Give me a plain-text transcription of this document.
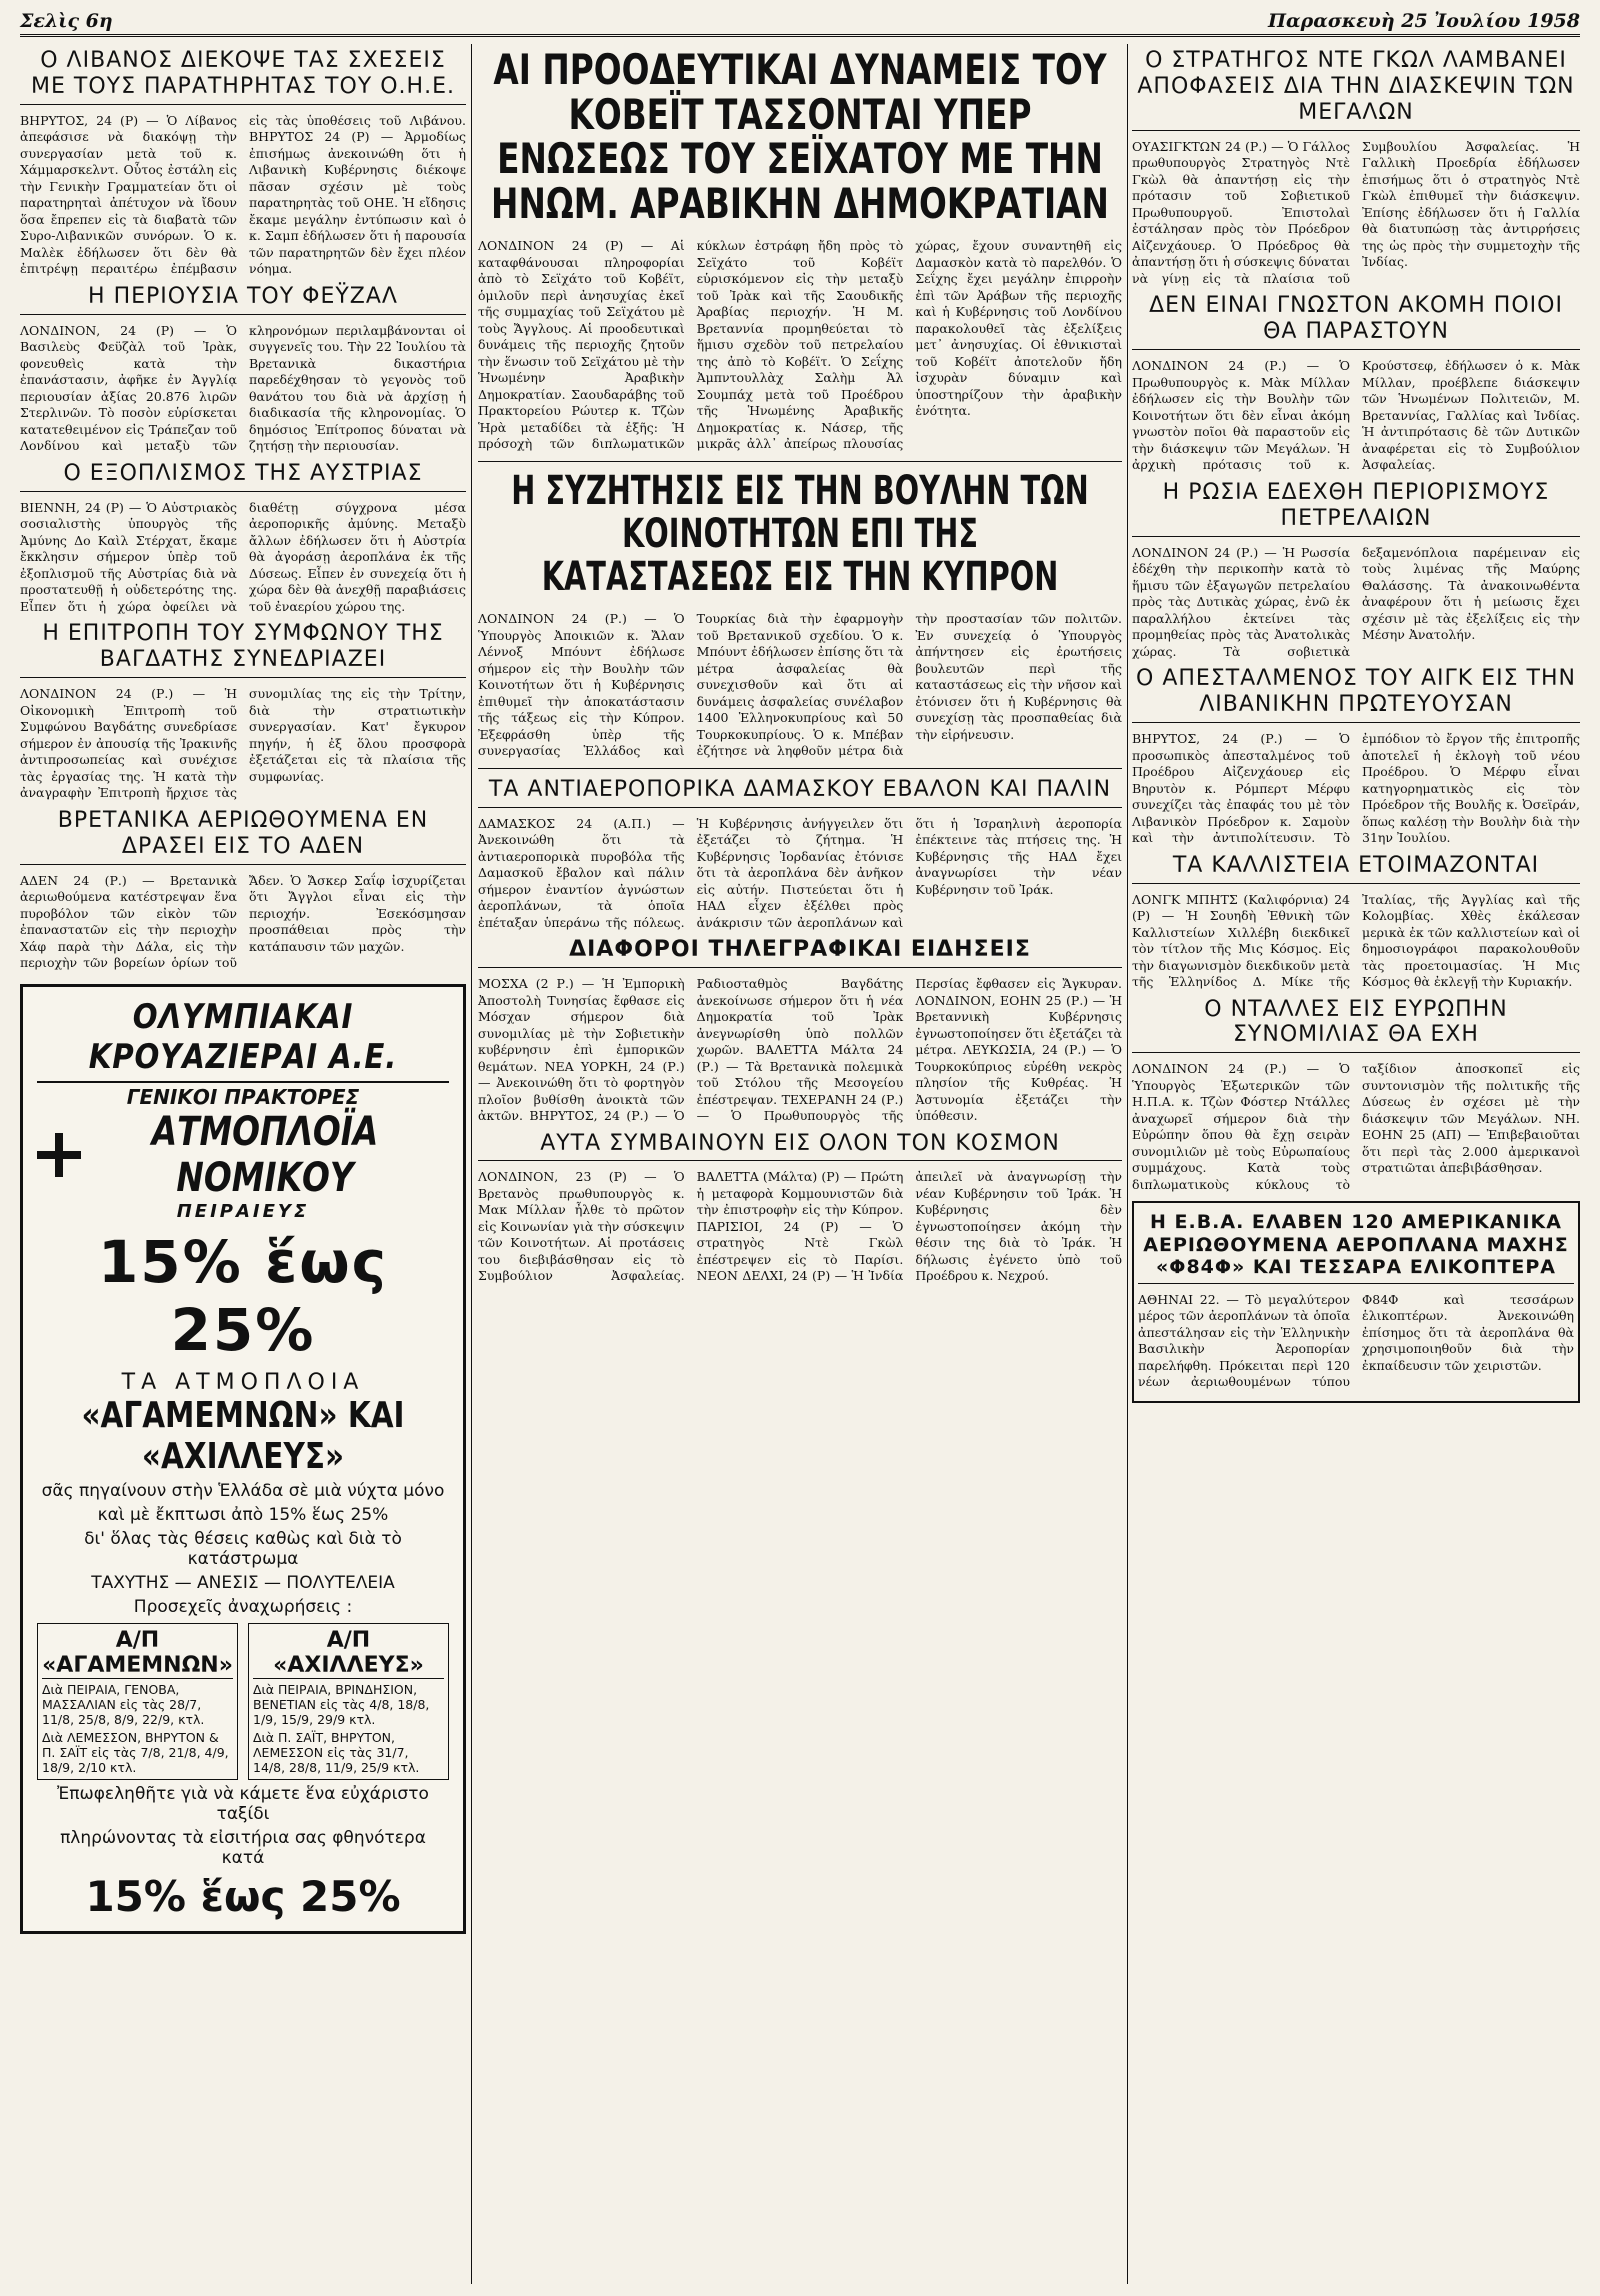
Σελὶς 6η	Παρασκευὴ 25 Ἰουλίου 1958
Ο ΛΙΒΑΝΟΣ ΔΙΕΚΟΨΕ ΤΑΣ ΣΧΕΣΕΙΣ ΜΕ ΤΟΥΣ ΠΑΡΑΤΗΡΗΤΑΣ ΤΟΥ Ο.Η.Ε.
ΒΗΡΥΤΟΣ, 24 (Ρ) — Ὁ Λίβανος ἀπεφάσισε νὰ διακόψῃ τὴν συνεργασίαν μετὰ τοῦ κ. Χάμμαρσκελντ. Οὗτος ἐστάλη εἰς τὴν Γενικὴν Γραμματείαν ὅτι οἱ παρατηρηταὶ ἀπέτυχον νὰ ἴδουν ὅσα ἔπρεπεν εἰς τὰ διαβατὰ τῶν Συρο-Λιβανικῶν συνόρων. Ὁ κ. Μαλὲκ ἐδήλωσεν ὅτι δὲν θὰ ἐπιτρέψῃ περαιτέρω ἐπέμβασιν εἰς τὰς ὑποθέσεις τοῦ Λιβάνου. ΒΗΡΥΤΟΣ 24 (Ρ) — Ἀρμοδίως ἐπισήμως ἀνεκοινώθη ὅτι ἡ Λιβανικὴ Κυβέρνησις διέκοψε πᾶσαν σχέσιν μὲ τοὺς παρατηρητὰς τοῦ ΟΗΕ. Ἡ εἴδησις ἔκαμε μεγάλην ἐντύπωσιν καὶ ὁ κ. Σαμπ ἐδήλωσεν ὅτι ἡ παρουσία τῶν παρατηρητῶν δὲν ἔχει πλέον νόημα.
Η ΠΕΡΙΟΥΣΙΑ ΤΟΥ ΦΕΫΖΑΛ
ΛΟΝΔΙΝΟΝ, 24 (Ρ) — Ὁ Βασιλεὺς Φεϋζὰλ τοῦ Ἰρὰκ, φονευθεὶς κατὰ τὴν ἐπανάστασιν, ἀφῆκε ἐν Ἀγγλίᾳ περιουσίαν ἀξίας 20.876 λιρῶν Στερλινῶν. Τὸ ποσὸν εὑρίσκεται κατατεθειμένον εἰς Τράπεζαν τοῦ Λονδίνου καὶ μεταξὺ τῶν κληρονόμων περιλαμβάνονται οἱ συγγενεῖς του. Τὴν 22 Ἰουλίου τὰ Βρετανικὰ δικαστήρια παρεδέχθησαν τὸ γεγονὸς τοῦ θανάτου του διὰ νὰ ἀρχίσῃ ἡ διαδικασία τῆς κληρονομίας. Ὁ δημόσιος Ἐπίτροπος δύναται νὰ ζητήσῃ τὴν περιουσίαν.
Ο ΕΞΟΠΛΙΣΜΟΣ ΤΗΣ ΑΥΣΤΡΙΑΣ
ΒΙΕΝΝΗ, 24 (Ρ) — Ὁ Αὐστριακὸς σοσιαλιστὴς ὑπουργὸς τῆς Ἀμύνης Δο Καὶλ Στέρχατ, ἔκαμε ἔκκλησιν σήμερον ὑπὲρ τοῦ ἐξοπλισμοῦ τῆς Αὐστρίας διὰ νὰ προστατευθῇ ἡ οὐδετερότης της. Εἶπεν ὅτι ἡ χώρα ὀφείλει νὰ διαθέτῃ σύγχρονα μέσα ἀεροπορικῆς ἀμύνης. Μεταξὺ ἄλλων ἐδήλωσεν ὅτι ἡ Αὐστρία θὰ ἀγοράσῃ ἀεροπλάνα ἐκ τῆς Δύσεως. Εἶπεν ἐν συνεχείᾳ ὅτι ἡ χώρα δὲν θὰ ἀνεχθῇ παραβιάσεις τοῦ ἐναερίου χώρου της.
Η ΕΠΙΤΡΟΠΗ ΤΟΥ ΣΥΜΦΩΝΟΥ ΤΗΣ ΒΑΓΔΑΤΗΣ ΣΥΝΕΔΡΙΑΖΕΙ
ΛΟΝΔΙΝΟΝ 24 (Ρ.) — Ἡ Οἰκονομικὴ Ἐπιτροπὴ τοῦ Συμφώνου Βαγδάτης συνεδρίασε σήμερον ἐν ἀπουσίᾳ τῆς Ἰρακινῆς ἀντιπροσωπείας καὶ συνέχισε τὰς ἐργασίας της. Ἡ κατὰ τὴν ἀναγραφὴν Ἐπιτροπὴ ἤρχισε τὰς συνομιλίας της εἰς τὴν Τρίτην, διὰ τὴν στρατιωτικὴν συνεργασίαν. Κατ' ἔγκυρον πηγήν, ἡ ἐξ ὅλου προσφορὰ ἐξετάζεται εἰς τὰ πλαίσια τῆς συμφωνίας.
ΒΡΕΤΑΝΙΚΑ ΑΕΡΙΩΘΟΥΜΕΝΑ ΕΝ ΔΡΑΣΕΙ ΕΙΣ ΤΟ ΑΔΕΝ
ΑΔΕΝ 24 (Ρ.) — Βρετανικὰ ἀεριωθούμενα κατέστρεψαν ἕνα πυροβόλον τῶν εἰκὸν τῶν ἐπαναστατῶν εἰς τὴν περιοχὴν Χάφ παρὰ τὴν Δάλα, εἰς τὴν περιοχὴν τῶν βορείων ὁρίων τοῦ Ἄδεν. Ὁ Ἄσκερ Σαΐφ ἰσχυρίζεται ὅτι Ἄγγλοι εἶναι εἰς τὴν περιοχήν. Ἐσεκόσμησαν προσπάθειαι πρὸς τὴν κατάπαυσιν τῶν μαχῶν.
ΟΛΥΜΠΙΑΚΑΙ ΚΡΟΥΑΖΙΕΡΑΙ Α.Ε.
ΓΕΝΙΚΟΙ ΠΡΑΚΤΟΡΕΣ
ΑΤΜΟΠΛΟΪΑ ΝΟΜΙΚΟΥ
ΠΕΙΡΑΙΕΥΣ
15% ἕως 25%
ΤΑ ΑΤΜΟΠΛΟΙΑ
«ΑΓΑΜΕΜΝΩΝ» ΚΑΙ «ΑΧΙΛΛΕΥΣ»
σᾶς πηγαίνουν στὴν Ἑλλάδα σὲ μιὰ νύχτα μόνο
καὶ μὲ ἔκπτωσι ἀπὸ 15% ἕως 25%
δι' ὅλας τὰς θέσεις καθὼς καὶ διὰ τὸ κατάστρωμα
ΤΑΧΥΤΗΣ — ΑΝΕΣΙΣ — ΠΟΛΥΤΕΛΕΙΑ
Προσεχεῖς ἀναχωρήσεις :
Α/Π «ΑΓΑΜΕΜΝΩΝ»
Διὰ ΠΕΙΡΑΙΑ, ΓΕΝΟΒΑ, ΜΑΣΣΑΛΙΑΝ εἰς τὰς 28/7, 11/8, 25/8, 8/9, 22/9, κτλ.
Διὰ ΛΕΜΕΣΣΟΝ, ΒΗΡΥΤΟΝ & Π. ΣΑΪΤ εἰς τὰς 7/8, 21/8, 4/9, 18/9, 2/10 κτλ.
Α/Π «ΑΧΙΛΛΕΥΣ»
Διὰ ΠΕΙΡΑΙΑ, ΒΡΙΝΔΗΣΙΟΝ, ΒΕΝΕΤΙΑΝ εἰς τὰς 4/8, 18/8, 1/9, 15/9, 29/9 κτλ.
Διὰ Π. ΣΑΪΤ, ΒΗΡΥΤΟΝ, ΛΕΜΕΣΣΟΝ εἰς τὰς 31/7, 14/8, 28/8, 11/9, 25/9 κτλ.
Ἐπωφεληθῆτε γιὰ νὰ κάμετε ἕνα εὐχάριστο ταξίδι
πληρώνοντας τὰ εἰσιτήρια σας φθηνότερα κατά
15% ἕως 25%
ΑΙ ΠΡΟΟΔΕΥΤΙΚΑΙ ΔΥΝΑΜΕΙΣ ΤΟΥ ΚΟΒΕΪΤ ΤΑΣΣΟΝΤΑΙ ΥΠΕΡ ΕΝΩΣΕΩΣ ΤΟΥ ΣΕΪΧΑΤΟΥ ΜΕ ΤΗΝ ΗΝΩΜ. ΑΡΑΒΙΚΗΝ ΔΗΜΟΚΡΑΤΙΑΝ
ΛΟΝΔΙΝΟΝ 24 (Ρ) — Αἱ καταφθάνουσαι πληροφορίαι ἀπὸ τὸ Σεϊχάτο τοῦ Κοβέϊτ, ὁμιλοῦν περὶ ἀνησυχίας ἐκεῖ τῆς συμμαχίας τοῦ Σεϊχάτου μὲ τοὺς Ἄγγλους. Αἱ προοδευτικαὶ δυνάμεις τῆς περιοχῆς ζητοῦν τὴν ἕνωσιν τοῦ Σεϊχάτου μὲ τὴν Ἡνωμένην Ἀραβικὴν Δημοκρατίαν. Σαουδαράβης τοῦ Πρακτορείου Ρώυτερ κ. Τζὼν Ἡρὰ μεταδίδει τὰ ἑξῆς: Ἡ πρόσοχὴ τῶν διπλωματικῶν κύκλων ἐστράφη ἤδη πρὸς τὸ Σεϊχάτο τοῦ Κοβέϊτ εὑρισκόμενον εἰς τὴν μεταξὺ τοῦ Ἰρὰκ καὶ τῆς Σαουδικῆς Ἀραβίας περιοχήν. Ἡ Μ. Βρεταννία προμηθεύεται τὸ ἥμισυ σχεδὸν τοῦ πετρελαίου της ἀπὸ τὸ Κοβέϊτ. Ὁ Σεΐχης Ἀμπντουλλὰχ Σαλὴμ Ἀλ Σουμπάχ μετὰ τοῦ Προέδρου τῆς Ἡνωμένης Ἀραβικῆς Δημοκρατίας κ. Νάσερ, τῆς μικρᾶς ἀλλ᾽ ἀπείρως πλουσίας χώρας, ἔχουν συναντηθῆ εἰς Δαμασκὸν κατὰ τὸ παρελθόν. Ὁ Σεΐχης ἔχει μεγάλην ἐπιρροὴν ἐπὶ τῶν Ἀράβων τῆς περιοχῆς καὶ ἡ Κυβέρνησις τοῦ Λονδίνου παρακολουθεῖ τὰς ἐξελίξεις μετ᾽ ἀνησυχίας. Οἱ ἐθνικισταὶ τοῦ Κοβέϊτ ἀποτελοῦν ἤδη ἰσχυρὰν δύναμιν καὶ ὑποστηρίζουν τὴν ἀραβικὴν ἑνότητα.
Η ΣΥΖΗΤΗΣΙΣ ΕΙΣ ΤΗΝ ΒΟΥΛΗΝ ΤΩΝ ΚΟΙΝΟΤΗΤΩΝ ΕΠΙ ΤΗΣ ΚΑΤΑΣΤΑΣΕΩΣ ΕΙΣ ΤΗΝ ΚΥΠΡΟΝ
ΛΟΝΔΙΝΟΝ 24 (Ρ.) — Ὁ Ὑπουργὸς Ἀποικιῶν κ. Ἄλαν Λέννοξ Μπόυντ ἐδήλωσε σήμερον εἰς τὴν Βουλὴν τῶν Κοινοτήτων ὅτι ἡ Κυβέρνησις ἐπιθυμεῖ τὴν ἀποκατάστασιν τῆς τάξεως εἰς τὴν Κύπρον. Ἐξεφράσθη ὑπὲρ τῆς συνεργασίας Ἑλλάδος καὶ Τουρκίας διὰ τὴν ἐφαρμογὴν τοῦ Βρετανικοῦ σχεδίου. Ὁ κ. Μπόυντ ἐδήλωσεν ἐπίσης ὅτι τὰ μέτρα ἀσφαλείας θὰ συνεχισθοῦν καὶ ὅτι αἱ δυνάμεις ἀσφαλείας συνέλαβον 1400 Ἑλληνοκυπρίους καὶ 50 Τουρκοκυπρίους. Ὁ κ. Μπέβαν ἐζήτησε νὰ ληφθοῦν μέτρα διὰ τὴν προστασίαν τῶν πολιτῶν. Ἐν συνεχείᾳ ὁ Ὑπουργὸς ἀπήντησεν εἰς ἐρωτήσεις βουλευτῶν περὶ τῆς καταστάσεως εἰς τὴν νῆσον καὶ ἐτόνισεν ὅτι ἡ Κυβέρνησις θὰ συνεχίσῃ τὰς προσπαθείας διὰ τὴν εἰρήνευσιν.
ΤΑ ΑΝΤΙΑΕΡΟΠΟΡΙΚΑ ΔΑΜΑΣΚΟΥ ΕΒΑΛΟΝ ΚΑΙ ΠΑΛΙΝ
ΔΑΜΑΣΚΟΣ 24 (Α.Π.) — Ἀνεκοινώθη ὅτι τὰ ἀντιαεροπορικὰ πυροβόλα τῆς Δαμασκοῦ ἔβαλον καὶ πάλιν σήμερον ἐναντίον ἀγνώστων ἀεροπλάνων, τὰ ὁποῖα ἐπέταξαν ὑπεράνω τῆς πόλεως. Ἡ Κυβέρνησις ἀνήγγειλεν ὅτι ἐξετάζει τὸ ζήτημα. Ἡ Κυβέρνησις Ἰορδανίας ἐτόνισε ὅτι τὰ ἀεροπλάνα δὲν ἀνῆκον εἰς αὐτήν. Πιστεύεται ὅτι ἡ ΗΑΔ εἶχεν ἐξέλθει πρὸς ἀνάκρισιν τῶν ἀεροπλάνων καὶ ὅτι ἡ Ἰσραηλινὴ ἀεροπορία ἐπέκτεινε τὰς πτήσεις της. Ἡ Κυβέρνησις τῆς ΗΑΔ ἔχει ἀναγνωρίσει τὴν νέαν Κυβέρνησιν τοῦ Ἰράκ.
ΔΙΑΦΟΡΟΙ ΤΗΛΕΓΡΑΦΙΚΑΙ ΕΙΔΗΣΕΙΣ
ΜΟΣΧΑ (2 Ρ.) — Ἡ Ἐμπορικὴ Ἀποστολὴ Τυνησίας ἔφθασε εἰς Μόσχαν σήμερον διὰ συνομιλίας μὲ τὴν Σοβιετικὴν κυβέρνησιν ἐπὶ ἐμπορικῶν θεμάτων. ΝΕΑ ΥΟΡΚΗ, 24 (Ρ.) — Ἀνεκοινώθη ὅτι τὸ φορτηγὸν πλοῖον βυθίσθη ἀνοικτὰ τῶν ἀκτῶν. ΒΗΡΥΤΟΣ, 24 (Ρ.) — Ὁ Ραδιοσταθμὸς Βαγδάτης ἀνεκοίνωσε σήμερον ὅτι ἡ νέα Δημοκρατία τοῦ Ἰρὰκ ἀνεγνωρίσθη ὑπὸ πολλῶν χωρῶν. ΒΑΛΕΤΤΑ Μάλτα 24 (Ρ.) — Τὰ Βρετανικὰ πολεμικὰ τοῦ Στόλου τῆς Μεσογείου ἐπέστρεψαν. ΤΕΧΕΡΑΝΗ 24 (Ρ.) — Ὁ Πρωθυπουργὸς τῆς Περσίας ἔφθασεν εἰς Ἄγκυραν. ΛΟΝΔΙΝΟΝ, ΕΟΗΝ 25 (Ρ.) — Ἡ Βρεταννικὴ Κυβέρνησις ἐγνωστοποίησεν ὅτι ἐξετάζει τὰ μέτρα. ΛΕΥΚΩΣΙΑ, 24 (Ρ.) — Ὁ Τουρκοκύπριος εὑρέθη νεκρὸς πλησίον τῆς Κυθρέας. Ἡ Ἀστυνομία ἐξετάζει τὴν ὑπόθεσιν.
ΑΥΤΑ ΣΥΜΒΑΙΝΟΥΝ ΕΙΣ ΟΛΟΝ ΤΟΝ ΚΟΣΜΟΝ
ΛΟΝΔΙΝΟΝ, 23 (Ρ) — Ὁ Βρετανὸς πρωθυπουργὸς κ. Μακ Μίλλαν ἦλθε τὸ πρῶτον εἰς Κοινωνίαν γιὰ τὴν σύσκεψιν τῶν Κοινοτήτων. Αἱ προτάσεις του διεβιβάσθησαν εἰς τὸ Συμβούλιον Ἀσφαλείας. ΒΑΛΕΤΤΑ (Μάλτα) (Ρ) — Πρώτη ἡ μεταφορὰ Κομμουνιστῶν διὰ τὴν ἐπιστροφὴν εἰς τὴν Κύπρον. ΠΑΡΙΣΙΟΙ, 24 (Ρ) — Ὁ στρατηγὸς Ντὲ Γκὼλ ἐπέστρεψεν εἰς τὸ Παρίσι. ΝΕΟΝ ΔΕΛΧΙ, 24 (Ρ) — Ἡ Ἰνδία ἀπειλεῖ νὰ ἀναγνωρίσῃ τὴν νέαν Κυβέρνησιν τοῦ Ἰράκ. Ἡ Κυβέρνησις δὲν ἐγνωστοποίησεν ἀκόμη τὴν θέσιν της διὰ τὸ Ἰράκ. Ἡ δήλωσις ἐγένετο ὑπὸ τοῦ Προέδρου κ. Νεχρού.
Ο ΣΤΡΑΤΗΓΟΣ ΝΤΕ ΓΚΩΛ ΛΑΜΒΑΝΕΙ ΑΠΟΦΑΣΕΙΣ ΔΙΑ ΤΗΝ ΔΙΑΣΚΕΨΙΝ ΤΩΝ ΜΕΓΑΛΩΝ
ΟΥΑΣΙΓΚΤΩΝ 24 (Ρ.) — Ὁ Γάλλος πρωθυπουργὸς Στρατηγὸς Ντὲ Γκὼλ θὰ ἀπαντήσῃ εἰς τὴν πρότασιν τοῦ Σοβιετικοῦ Πρωθυπουργοῦ. Ἐπιστολαὶ ἐστάλησαν πρὸς τὸν Πρόεδρον Αἰζενχάουερ. Ὁ Πρόεδρος θὰ ἀπαντήσῃ ὅτι ἡ σύσκεψις δύναται νὰ γίνῃ εἰς τὰ πλαίσια τοῦ Συμβουλίου Ἀσφαλείας. Ἡ Γαλλικὴ Προεδρία ἐδήλωσεν ἐπισήμως ὅτι ὁ στρατηγὸς Ντὲ Γκὼλ ἐπιθυμεῖ τὴν διάσκεψιν. Ἐπίσης ἐδήλωσεν ὅτι ἡ Γαλλία θὰ διατυπώσῃ τὰς ἀντιρρήσεις της ὡς πρὸς τὴν συμμετοχὴν τῆς Ἰνδίας.
ΔΕΝ ΕΙΝΑΙ ΓΝΩΣΤΟΝ ΑΚΟΜΗ ΠΟΙΟΙ ΘΑ ΠΑΡΑΣΤΟΥΝ
ΛΟΝΔΙΝΟΝ 24 (Ρ.) — Ὁ Πρωθυπουργὸς κ. Μὰκ Μίλλαν ἐδήλωσεν εἰς τὴν Βουλὴν τῶν Κοινοτήτων ὅτι δὲν εἶναι ἀκόμη γνωστὸν ποῖοι θὰ παραστοῦν εἰς τὴν διάσκεψιν τῶν Μεγάλων. Ἡ ἀρχικὴ πρότασις τοῦ κ. Κρούστσεφ, ἐδήλωσεν ὁ κ. Μὰκ Μίλλαν, προέβλεπε διάσκεψιν τῶν Ἡνωμένων Πολιτειῶν, Μ. Βρεταννίας, Γαλλίας καὶ Ἰνδίας. Ἡ ἀντιπρότασις δὲ τῶν Δυτικῶν ἀναφέρεται εἰς τὸ Συμβούλιον Ἀσφαλείας.
Η ΡΩΣΙΑ ΕΔΕΧΘΗ ΠΕΡΙΟΡΙΣΜΟΥΣ ΠΕΤΡΕΛΑΙΩΝ
ΛΟΝΔΙΝΟΝ 24 (Ρ.) — Ἡ Ρωσσία ἐδέχθη τὴν περικοπὴν κατὰ τὸ ἥμισυ τῶν ἐξαγωγῶν πετρελαίου πρὸς τὰς Δυτικὰς χώρας, ἐνῶ ἐκ παραλλήλου ἐκτείνει τὰς προμηθείας πρὸς τὰς Ἀνατολικὰς χώρας. Τὰ σοβιετικὰ δεξαμενόπλοια παρέμειναν εἰς τοὺς λιμένας τῆς Μαύρης Θαλάσσης. Τὰ ἀνακοινωθέντα ἀναφέρουν ὅτι ἡ μείωσις ἔχει σχέσιν μὲ τὰς ἐξελίξεις εἰς τὴν Μέσην Ἀνατολήν.
Ο ΑΠΕΣΤΑΛΜΕΝΟΣ ΤΟΥ ΑΙΓΚ ΕΙΣ ΤΗΝ ΛΙΒΑΝΙΚΗΝ ΠΡΩΤΕΥΟΥΣΑΝ
ΒΗΡΥΤΟΣ, 24 (Ρ.) — Ὁ προσωπικὸς ἀπεσταλμένος τοῦ Προέδρου Αἰζενχάουερ εἰς Βηρυτὸν κ. Ρόμπερτ Μέρφυ συνεχίζει τὰς ἐπαφάς του μὲ τὸν Λιβανικὸν Πρόεδρον κ. Σαμοὺν καὶ τὴν ἀντιπολίτευσιν. Τὸ ἐμπόδιον τὸ ἔργον τῆς ἐπιτροπῆς ἀποτελεῖ ἡ ἐκλογὴ τοῦ νέου Προέδρου. Ὁ Μέρφυ εἶναι κατηγορηματικὸς εἰς τὸν Πρόεδρον τῆς Βουλῆς κ. Ὀσεϊράν, ὅπως καλέσῃ τὴν Βουλὴν διὰ τὴν 31ην Ἰουλίου.
ΤΑ ΚΑΛΛΙΣΤΕΙΑ ΕΤΟΙΜΑΖΟΝΤΑΙ
ΛΟΝΓΚ ΜΠΗΤΣ (Καλιφόρνια) 24 (Ρ) — Ἡ Σουηδὴ Ἐθνικὴ τῶν Καλλιστείων Χιλλέβη διεκδικεῖ τὸν τίτλον τῆς Μις Κόσμος. Εἰς τὴν διαγωνισμὸν διεκδικοῦν μετὰ τῆς Ἑλληνίδος Δ. Μίκε τῆς Ἰταλίας, τῆς Ἀγγλίας καὶ τῆς Κολομβίας. Χθὲς ἐκάλεσαν μερικὰ ἐκ τῶν καλλιστείων καὶ οἱ δημοσιογράφοι παρακολουθοῦν τὰς προετοιμασίας. Ἡ Μις Κόσμος θὰ ἐκλεγῇ τὴν Κυριακήν.
Ο ΝΤΑΛΛΕΣ ΕΙΣ ΕΥΡΩΠΗΝ ΣΥΝΟΜΙΛΙΑΣ ΘΑ ΕΧΗ
ΛΟΝΔΙΝΟΝ 24 (Ρ.) — Ὁ Ὑπουργὸς Ἐξωτερικῶν τῶν Η.Π.Α. κ. Τζὼν Φόστερ Ντάλλες ἀναχωρεῖ σήμερον διὰ τὴν Εὐρώπην ὅπου θὰ ἔχῃ σειρὰν συνομιλιῶν μὲ τοὺς Εὐρωπαίους συμμάχους. Κατὰ τοὺς διπλωματικοὺς κύκλους τὸ ταξίδιον ἀποσκοπεῖ εἰς συντονισμὸν τῆς πολιτικῆς τῆς Δύσεως ἐν σχέσει μὲ τὴν διάσκεψιν τῶν Μεγάλων. ΝΗ. ΕΟΗΝ 25 (ΑΠ) — Ἐπιβεβαιοῦται ὅτι περὶ τὰς 2.000 ἀμερικανοὶ στρατιῶται ἀπεβιβάσθησαν.
Η Ε.Β.Α. ΕΛΑΒΕΝ 120 ΑΜΕΡΙΚΑΝΙΚΑ ΑΕΡΙΩΘΟΥΜΕΝΑ ΑΕΡΟΠΛΑΝΑ ΜΑΧΗΣ «Φ84Φ» ΚΑΙ ΤΕΣΣΑΡΑ ΕΛΙΚΟΠΤΕΡΑ
ΑΘΗΝΑΙ 22. — Τὸ μεγαλύτερον μέρος τῶν ἀεροπλάνων τὰ ὁποῖα ἀπεστάλησαν εἰς τὴν Ἑλληνικὴν Βασιλικὴν Ἀεροπορίαν παρελήφθη. Πρόκειται περὶ 120 νέων ἀεριωθουμένων τύπου Φ84Φ καὶ τεσσάρων ἑλικοπτέρων. Ἀνεκοινώθη ἐπίσημος ὅτι τὰ ἀεροπλάνα θὰ χρησιμοποιηθοῦν διὰ τὴν ἐκπαίδευσιν τῶν χειριστῶν.
